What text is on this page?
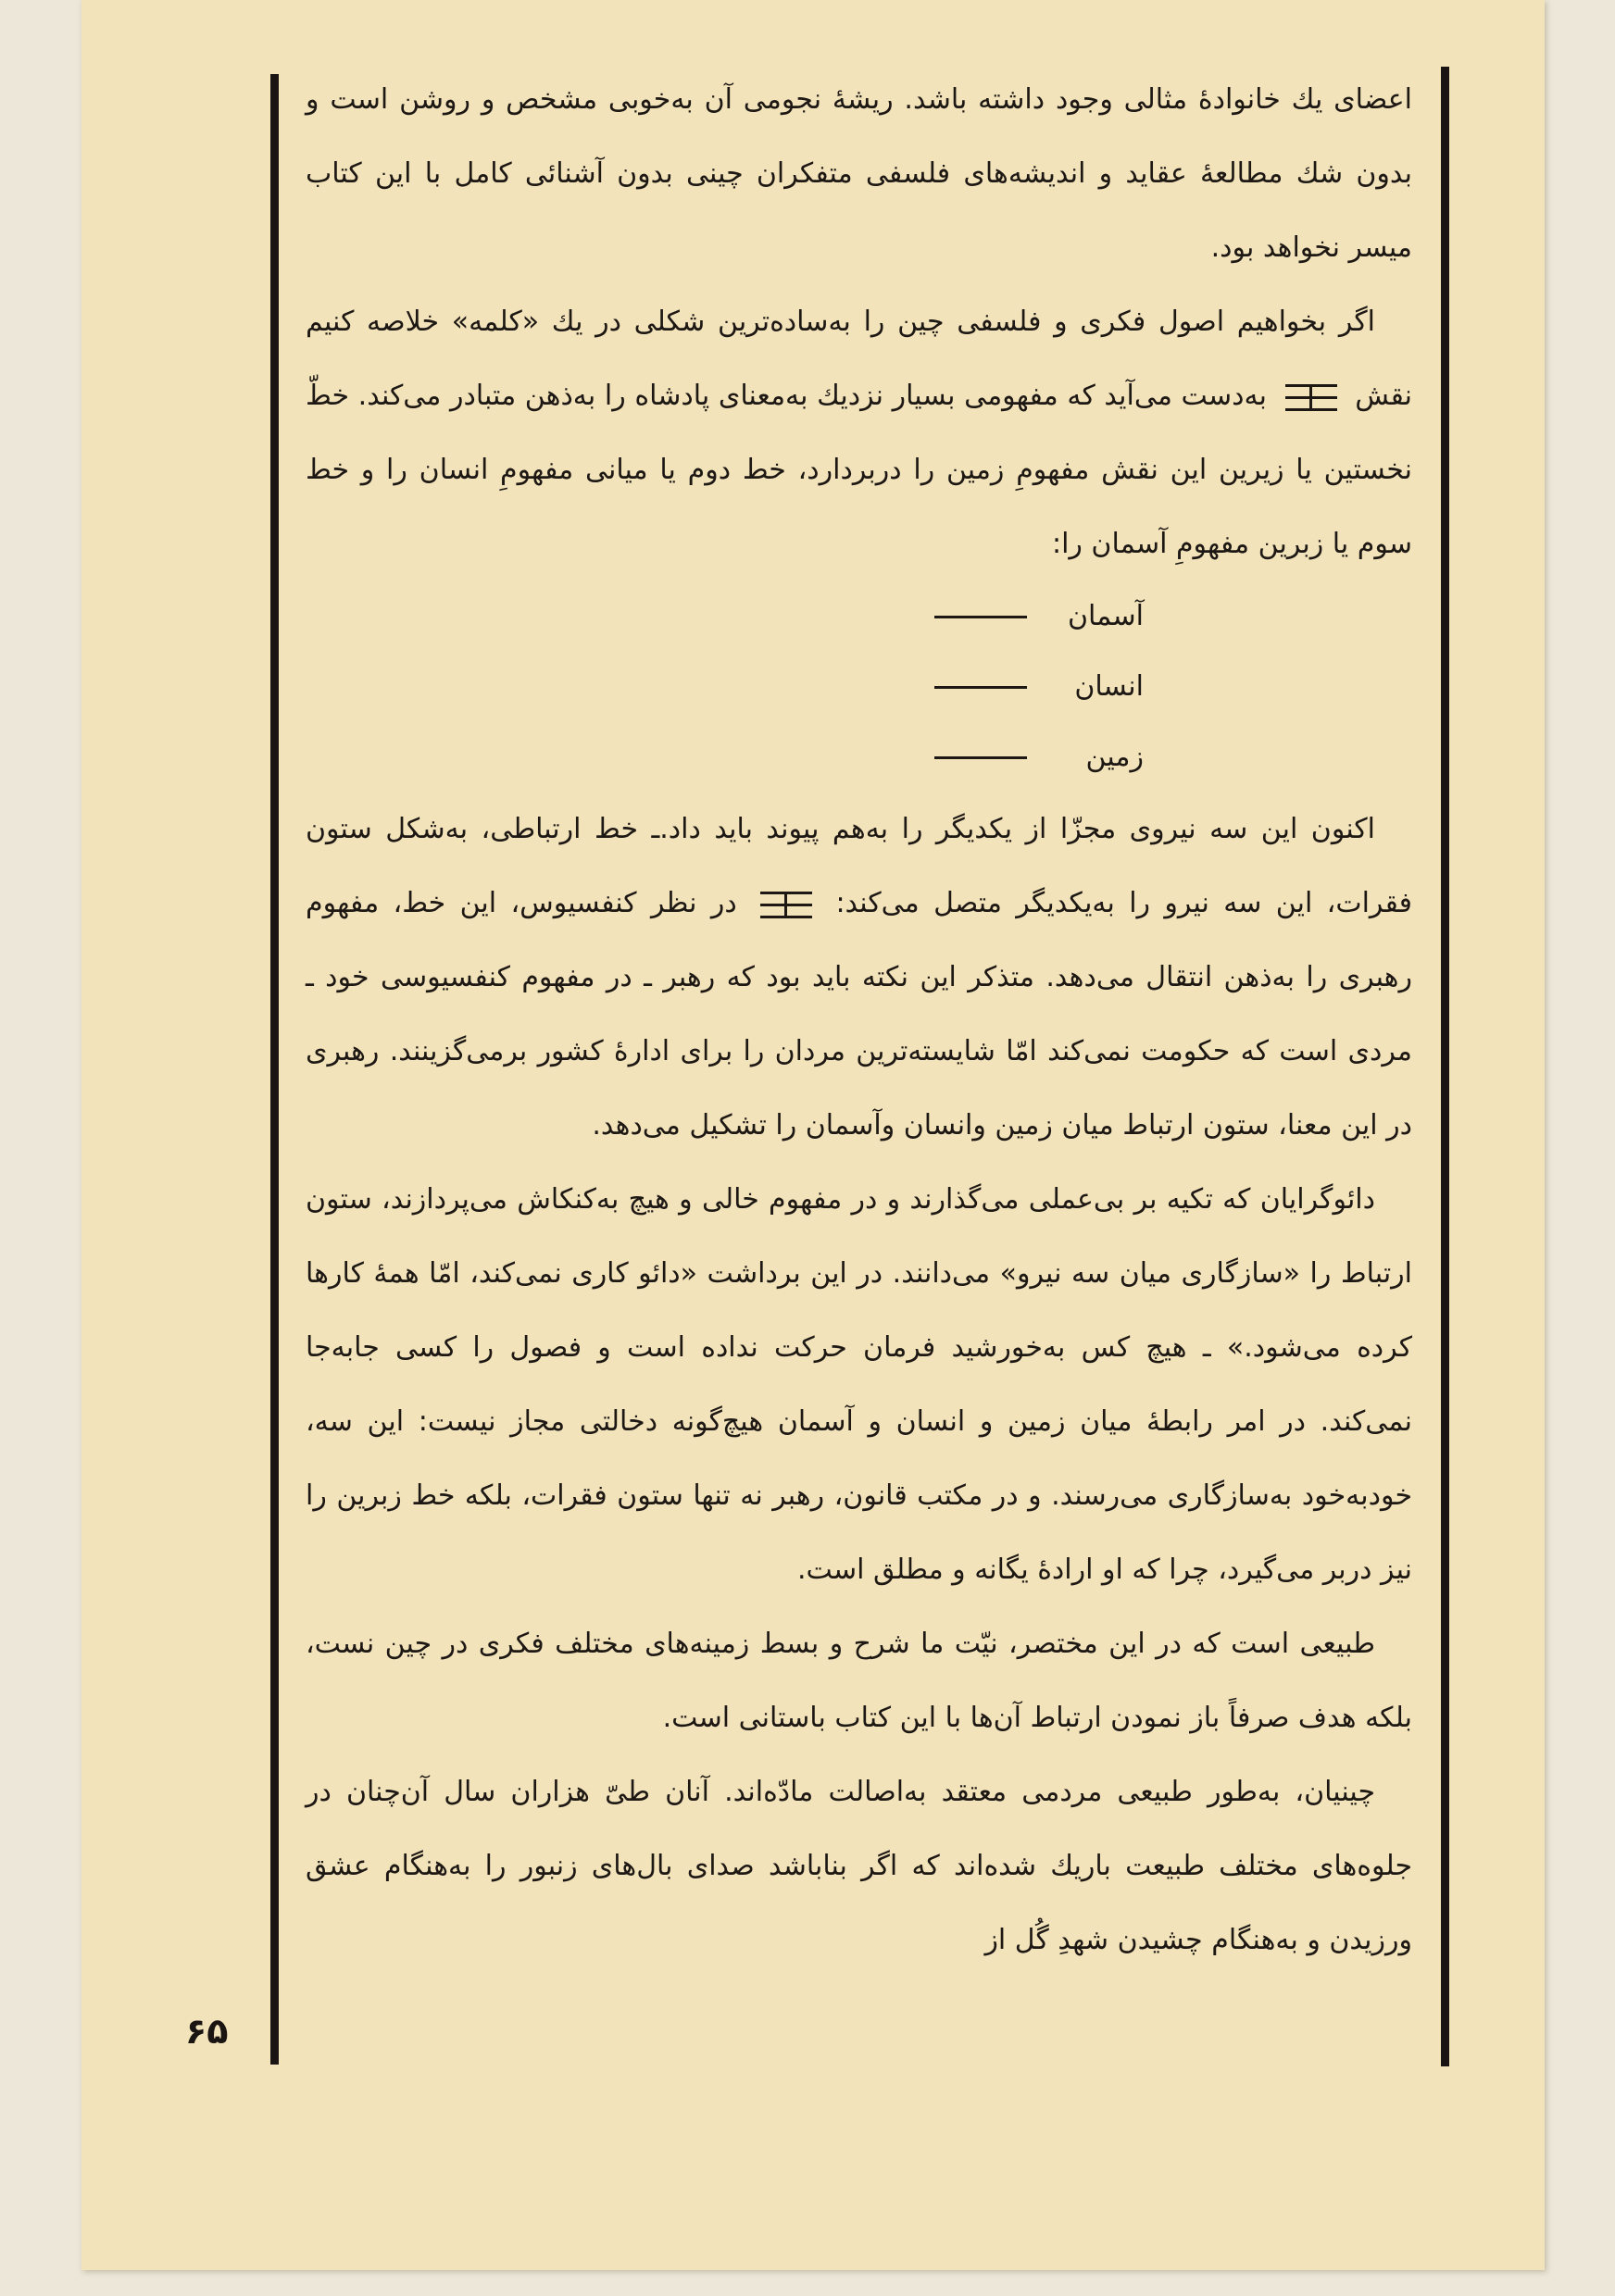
۶۵

اعضای یك خانوادهٔ مثالی وجود داشته باشد. ریشهٔ نجومی آن به‌خوبی مشخص و روشن است و بدون شك مطالعهٔ عقاید و اندیشه‌های فلسفی متفکران چینی بدون آشنائی کامل با این کتاب میسر نخواهد بود.

اگر بخواهیم اصول فکری و فلسفی چین را به‌ساده‌ترین شکلی در یك «کلمه» خلاصه کنیم نقش
به‌دست می‌آید که مفهومی بسیار نزدیك به‌معنای پادشاه را به‌ذهن متبادر می‌کند. خطّ نخستین یا زیرین این نقش مفهومِ زمین را دربردارد، خط دوم یا میانی مفهومِ انسان را و خط سوم یا زبرین مفهومِ آسمان را:

آسمان
انسان
زمین

اکنون این سه نیروی مجزّا از یکدیگر را به‌هم پیوند باید داد.ـ خط ارتباطی، به‌شکل ستون فقرات، این سه نیرو را به‌یکدیگر متصل می‌کند:
در نظر کنفسیوس، این خط، مفهوم رهبری را به‌ذهن انتقال می‌دهد. متذکر این نکته باید بود که رهبر ـ در مفهوم کنفسیوسی خود ـ مردی است که حکومت نمی‌کند امّا شایسته‌ترین مردان را برای ادارهٔ کشور برمی‌گزینند. رهبری در این معنا، ستون ارتباط میان زمین وانسان وآسمان را تشکیل می‌دهد.

دائوگرایان که تکیه بر بی‌عملی می‌گذارند و در مفهوم خالی و هیچ به‌کنکاش می‌پردازند، ستون ارتباط را «سازگاری میان سه نیرو» می‌دانند. در این برداشت «دائو کاری نمی‌کند، امّا همهٔ کارها کرده می‌شود.» ـ هیچ کس به‌خورشید فرمان حرکت نداده است و فصول را کسی جابه‌جا نمی‌کند. در امر رابطهٔ میان زمین و انسان و آسمان هیچ‌گونه دخالتی مجاز نیست: این سه، خودبه‌خود به‌سازگاری می‌رسند. و در مکتب قانون، رهبر نه تنها ستون فقرات، بلکه خط زبرین را نیز دربر می‌گیرد، چرا که او ارادهٔ یگانه و مطلق است.

طبیعی است که در این مختصر، نیّت ما شرح و بسط زمینه‌های مختلف فکری در چین نست، بلکه هدف صرفاً باز نمودن ارتباط آن‌ها با این کتاب باستانی است.

چینیان، به‌طور طبیعی مردمی معتقد به‌اصالت مادّه‌اند. آنان طیّ هزاران سال آن‌چنان در جلوه‌های مختلف طبیعت باریك شده‌اند که اگر بناباشد صدای بال‌های زنبور را به‌هنگام عشق ورزیدن و به‌هنگام چشیدن شهدِ گُل از
